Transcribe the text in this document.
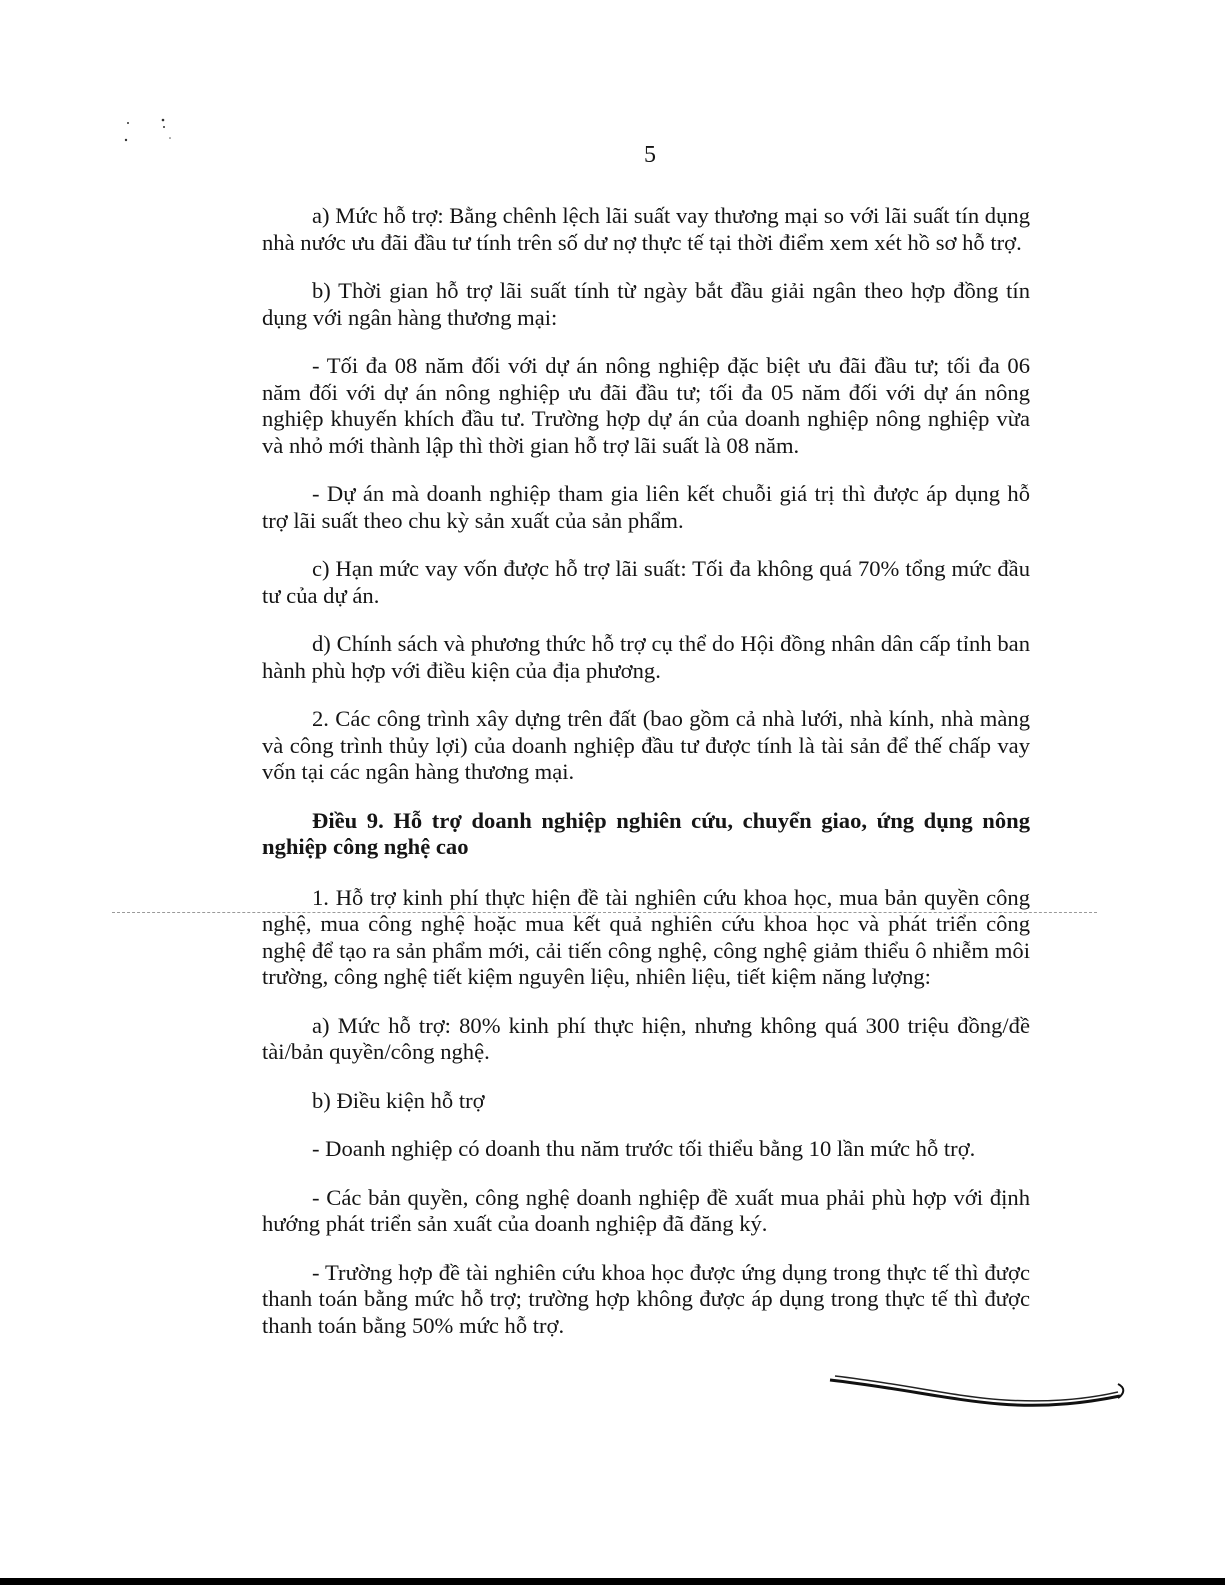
5

a) Mức hỗ trợ: Bằng chênh lệch lãi suất vay thương mại so với lãi suất tín dụng nhà nước ưu đãi đầu tư tính trên số dư nợ thực tế tại thời điểm xem xét hồ sơ hỗ trợ.

b) Thời gian hỗ trợ lãi suất tính từ ngày bắt đầu giải ngân theo hợp đồng tín dụng với ngân hàng thương mại:

- Tối đa 08 năm đối với dự án nông nghiệp đặc biệt ưu đãi đầu tư; tối đa 06 năm đối với dự án nông nghiệp ưu đãi đầu tư; tối đa 05 năm đối với dự án nông nghiệp khuyến khích đầu tư. Trường hợp dự án của doanh nghiệp nông nghiệp vừa và nhỏ mới thành lập thì thời gian hỗ trợ lãi suất là 08 năm.

- Dự án mà doanh nghiệp tham gia liên kết chuỗi giá trị thì được áp dụng hỗ trợ lãi suất theo chu kỳ sản xuất của sản phẩm.

c) Hạn mức vay vốn được hỗ trợ lãi suất: Tối đa không quá 70% tổng mức đầu tư của dự án.

d) Chính sách và phương thức hỗ trợ cụ thể do Hội đồng nhân dân cấp tỉnh ban hành phù hợp với điều kiện của địa phương.

2. Các công trình xây dựng trên đất (bao gồm cả nhà lưới, nhà kính, nhà màng và công trình thủy lợi) của doanh nghiệp đầu tư được tính là tài sản để thế chấp vay vốn tại các ngân hàng thương mại.

Điều 9. Hỗ trợ doanh nghiệp nghiên cứu, chuyển giao, ứng dụng nông nghiệp công nghệ cao

1. Hỗ trợ kinh phí thực hiện đề tài nghiên cứu khoa học, mua bản quyền công nghệ, mua công nghệ hoặc mua kết quả nghiên cứu khoa học và phát triển công nghệ để tạo ra sản phẩm mới, cải tiến công nghệ, công nghệ giảm thiểu ô nhiễm môi trường, công nghệ tiết kiệm nguyên liệu, nhiên liệu, tiết kiệm năng lượng:

a) Mức hỗ trợ: 80% kinh phí thực hiện, nhưng không quá 300 triệu đồng/đề tài/bản quyền/công nghệ.

b) Điều kiện hỗ trợ

- Doanh nghiệp có doanh thu năm trước tối thiểu bằng 10 lần mức hỗ trợ.

- Các bản quyền, công nghệ doanh nghiệp đề xuất mua phải phù hợp với định hướng phát triển sản xuất của doanh nghiệp đã đăng ký.

- Trường hợp đề tài nghiên cứu khoa học được ứng dụng trong thực tế thì được thanh toán bằng mức hỗ trợ; trường hợp không được áp dụng trong thực tế thì được thanh toán bằng 50% mức hỗ trợ.
